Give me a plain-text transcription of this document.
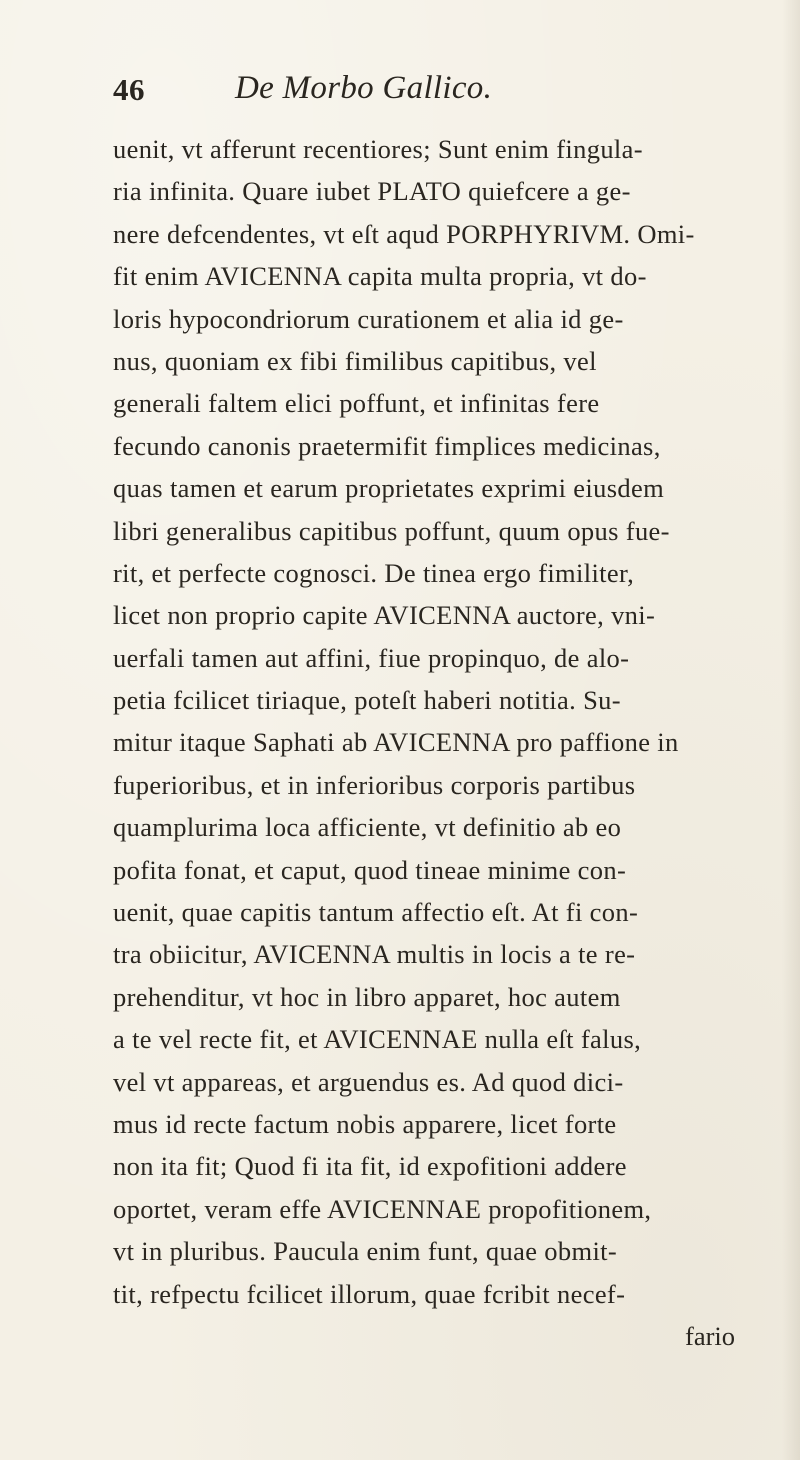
46	De Morbo Gallico.
uenit, vt afferunt recentiores; Sunt enim fingula-
ria infinita. Quare iubet PLATO quiefcere a ge-
nere defcendentes, vt eſt aqud PORPHYRIVM. Omi-
fit enim AVICENNA capita multa propria, vt do-
loris hypocondriorum curationem et alia id ge-
nus, quoniam ex fibi fimilibus capitibus, vel
generali faltem elici poffunt, et infinitas fere
fecundo canonis praetermifit fimplices medicinas,
quas tamen et earum proprietates exprimi eiusdem
libri generalibus capitibus poffunt, quum opus fue-
rit, et perfecte cognosci. De tinea ergo fimiliter,
licet non proprio capite AVICENNA auctore, vni-
uerfali tamen aut affini, fiue propinquo, de alo-
petia fcilicet tiriaque, poteſt haberi notitia. Su-
mitur itaque Saphati ab AVICENNA pro paffione in
fuperioribus, et in inferioribus corporis partibus
quamplurima loca afficiente, vt definitio ab eo
pofita fonat, et caput, quod tineae minime con-
uenit, quae capitis tantum affectio eſt. At fi con-
tra obiicitur, AVICENNA multis in locis a te re-
prehenditur, vt hoc in libro apparet, hoc autem
a te vel recte fit, et AVICENNAE nulla eſt falus,
vel vt appareas, et arguendus es. Ad quod dici-
mus id recte factum nobis apparere, licet forte
non ita fit; Quod fi ita fit, id expofitioni addere
oportet, veram effe AVICENNAE propofitionem,
vt in pluribus. Paucula enim funt, quae obmit-
tit, refpectu fcilicet illorum, quae fcribit necef-
fario
